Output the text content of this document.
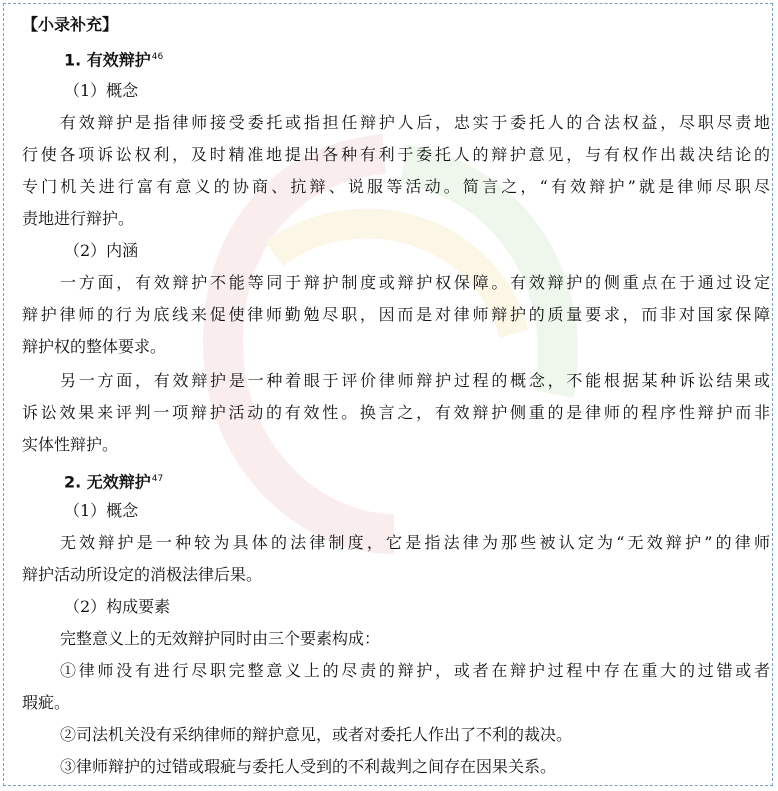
【小录补充】
1. 有效辩护$^{46}$
（1）概念
有效辩护是指律师接受委托或指担任辩护人后，忠实于委托人的合法权益，尽职尽责地
行使各项诉讼权利，及时精准地提出各种有利于委托人的辩护意见，与有权作出裁决结论的
专门机关进行富有意义的协商、抗辩、说服等活动。简言之，“有效辩护”就是律师尽职尽
责地进行辩护。
（2）内涵
一方面，有效辩护不能等同于辩护制度或辩护权保障。有效辩护的侧重点在于通过设定
辩护律师的行为底线来促使律师勤勉尽职，因而是对律师辩护的质量要求，而非对国家保障
辩护权的整体要求。
另一方面，有效辩护是一种着眼于评价律师辩护过程的概念，不能根据某种诉讼结果或
诉讼效果来评判一项辩护活动的有效性。换言之，有效辩护侧重的是律师的程序性辩护而非
实体性辩护。
2. 无效辩护$^{47}$
（1）概念
无效辩护是一种较为具体的法律制度，它是指法律为那些被认定为“无效辩护”的律师
辩护活动所设定的消极法律后果。
（2）构成要素
完整意义上的无效辩护同时由三个要素构成：
①律师没有进行尽职完整意义上的尽责的辩护，或者在辩护过程中存在重大的过错或者
瑕疵。
②司法机关没有采纳律师的辩护意见，或者对委托人作出了不利的裁决。
③律师辩护的过错或瑕疵与委托人受到的不利裁判之间存在因果关系。
